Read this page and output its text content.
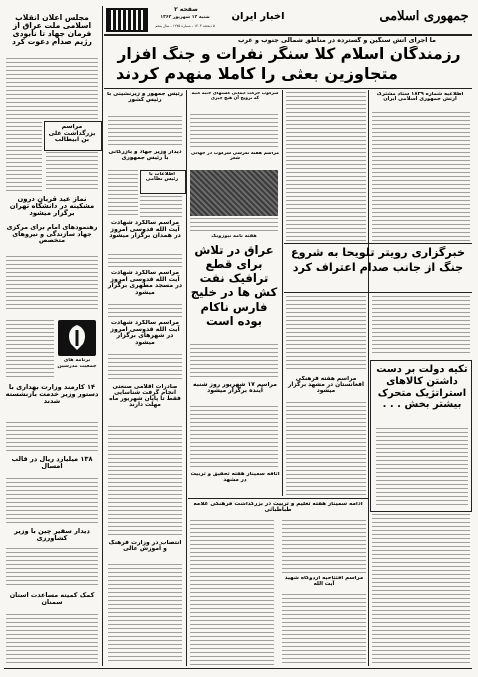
جمهوری اسلامی
اخبار ایران
صفحه ۲
شنبه ۱۲ شهریور ۱۳۶۲
۵ ذیحجه ۱۴۰۳ ـ شماره ۱۲۷۵ ـ سال پنجم
ما اجرای آتش سنگین و گسترده در مناطق شمالی جنوب و غرب
رزمندگان اسلام کلا سنگر نفرات و جنگ افزار
متجاوزین بعثی را کاملا منهدم کردند
مجلس اعلان انقلاب اسلامی ملت عراق از فرمان جهاد تا نابودی رژیم صدام دعوت کرد
مراسم بزرگداشت علی بن ابیطالب
نماز عید قربان درون مشکینه در دانشگاه تهران برگزار میشود
رهنمودهای امام برای مرکزی جهاد سازندگی و نیروهای متخصص
برنامه های جمعیت مدرسین
۱۴ کارمند وزارت بهداری با دستور وزیر خدمت بازنشسته شدند
۱۳۸ میلیارد ریال در قالب امسال
دیدار سفیر چین با وزیر کشاورزی
کمک کمیته مساعدت استان سمنان
رئیس جمهور و زیرنشینی با رئیس کشور
دیدار وزیر جهاد و بازرگانی با رئیس جمهوری
اطلاعات با رئیس نظامی
مراسم سالگرد شهادت آیت الله قدوسی امروز در همدان برگزار میشود
مراسم سالگرد شهادت آیت الله قدوسی امروز در مسجد مطهری برگزار میشود
مراسم سالگرد شهادت آیت الله قدوسی امروز در شهرهای برگزار میشود
صادرات اقلامی صنعتی انجام گرفت شناسایی فقط تا پایان شهریور ماه مهلت دارند
انتصاب در وزارت فرهنگ و آموزش عالی
سرکوب حرکت ایمانی گستهای جنبه کنیه که ترویج آن هیچ چیزی
مراسم هفته نگرشی سرکوب در جهانی شعر
هفته نامه نیوزویک
عراق در تلاش برای قطع ترافیک نفت کش ها در خلیج فارس ناکام بوده است
مراسم ۱۷ شهریور روز شنبه آینده برگزار میشود
اتاقه سمینار هفته تحقیق و تربیت در مشهد
اطلاعیه شماره ۱۸۳۹ ستاد مشترک ارتش جمهوری اسلامی ایران
خبرگزاری رویتر تلویحا به شروع جنگ از جانب صدام اعتراف کرد
تکیه دولت بر دست داشتن کالاهای استراتژیک متحرک بیشتر بخش . . .
مراسم هفته فرهنگی افغانستان در مشهد برگزار میشود
ادامه سمینار هفته تعلیم و تربیت در بزرگداشت فرهنگی علامه طباطبائی
مراسم افتتاحیه اردوگاه شهید آیت الله
